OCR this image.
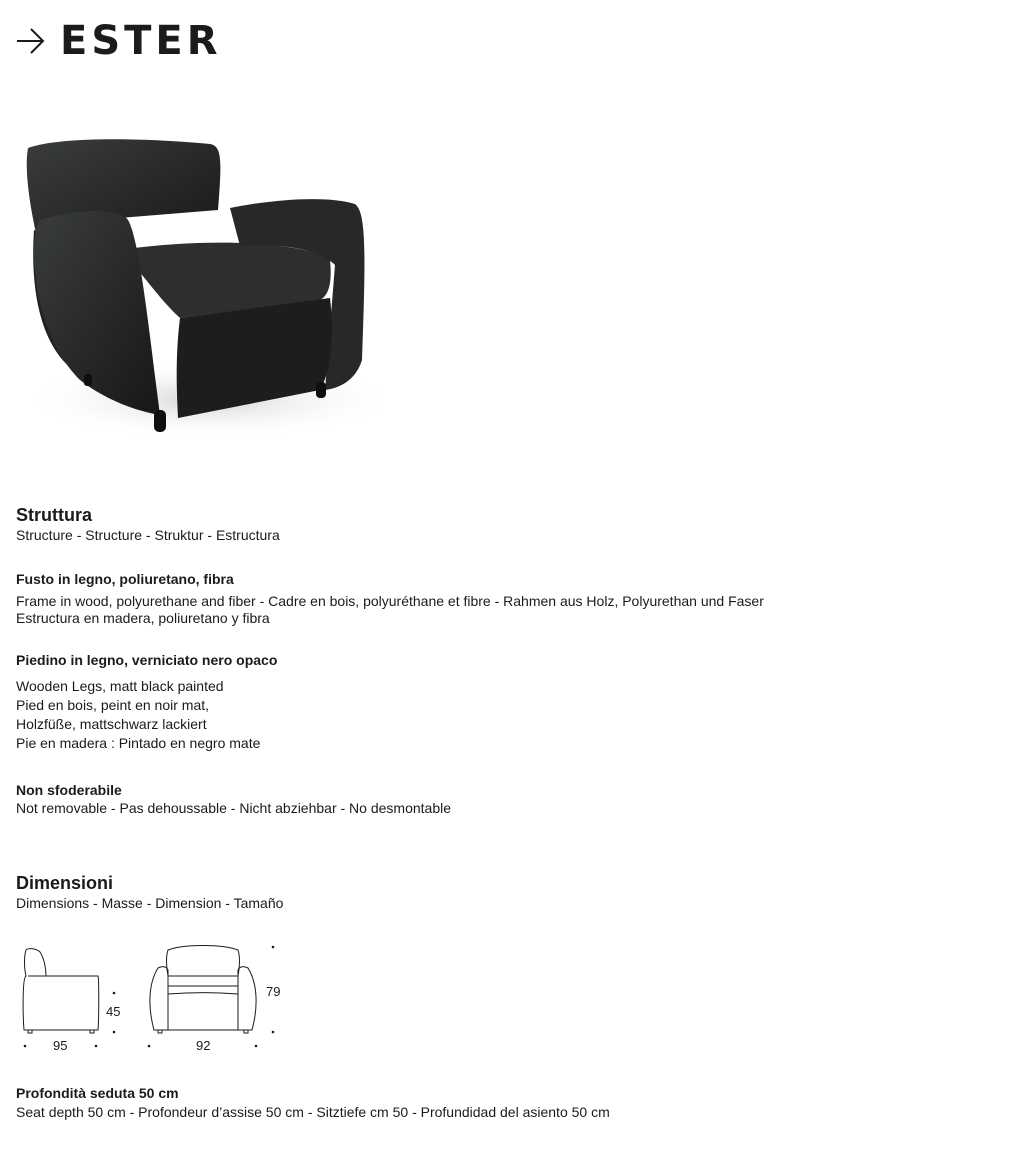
ESTER

Struttura

Structure - Structure - Struktur - Estructura

Fusto in legno, poliuretano, fibra

Frame in wood, polyurethane and fiber - Cadre en bois, polyuréthane et fibre - Rahmen aus Holz, Polyurethan und Faser

Estructura en madera, poliuretano y fibra

Piedino in legno, verniciato nero opaco

Wooden Legs, matt black painted

Pied en bois, peint en noir mat,

Holzfüße, mattschwarz lackiert

Pie en madera : Pintado en negro mate

Non sfoderabile

Not removable - Pas dehoussable - Nicht abziehbar - No desmontable

Dimensioni

Dimensions - Masse - Dimension - Tamaño

95
45
92
79

Profondità seduta 50 cm

Seat depth 50 cm - Profondeur d’assise 50 cm - Sitztiefe cm 50 - Profundidad del asiento 50 cm
